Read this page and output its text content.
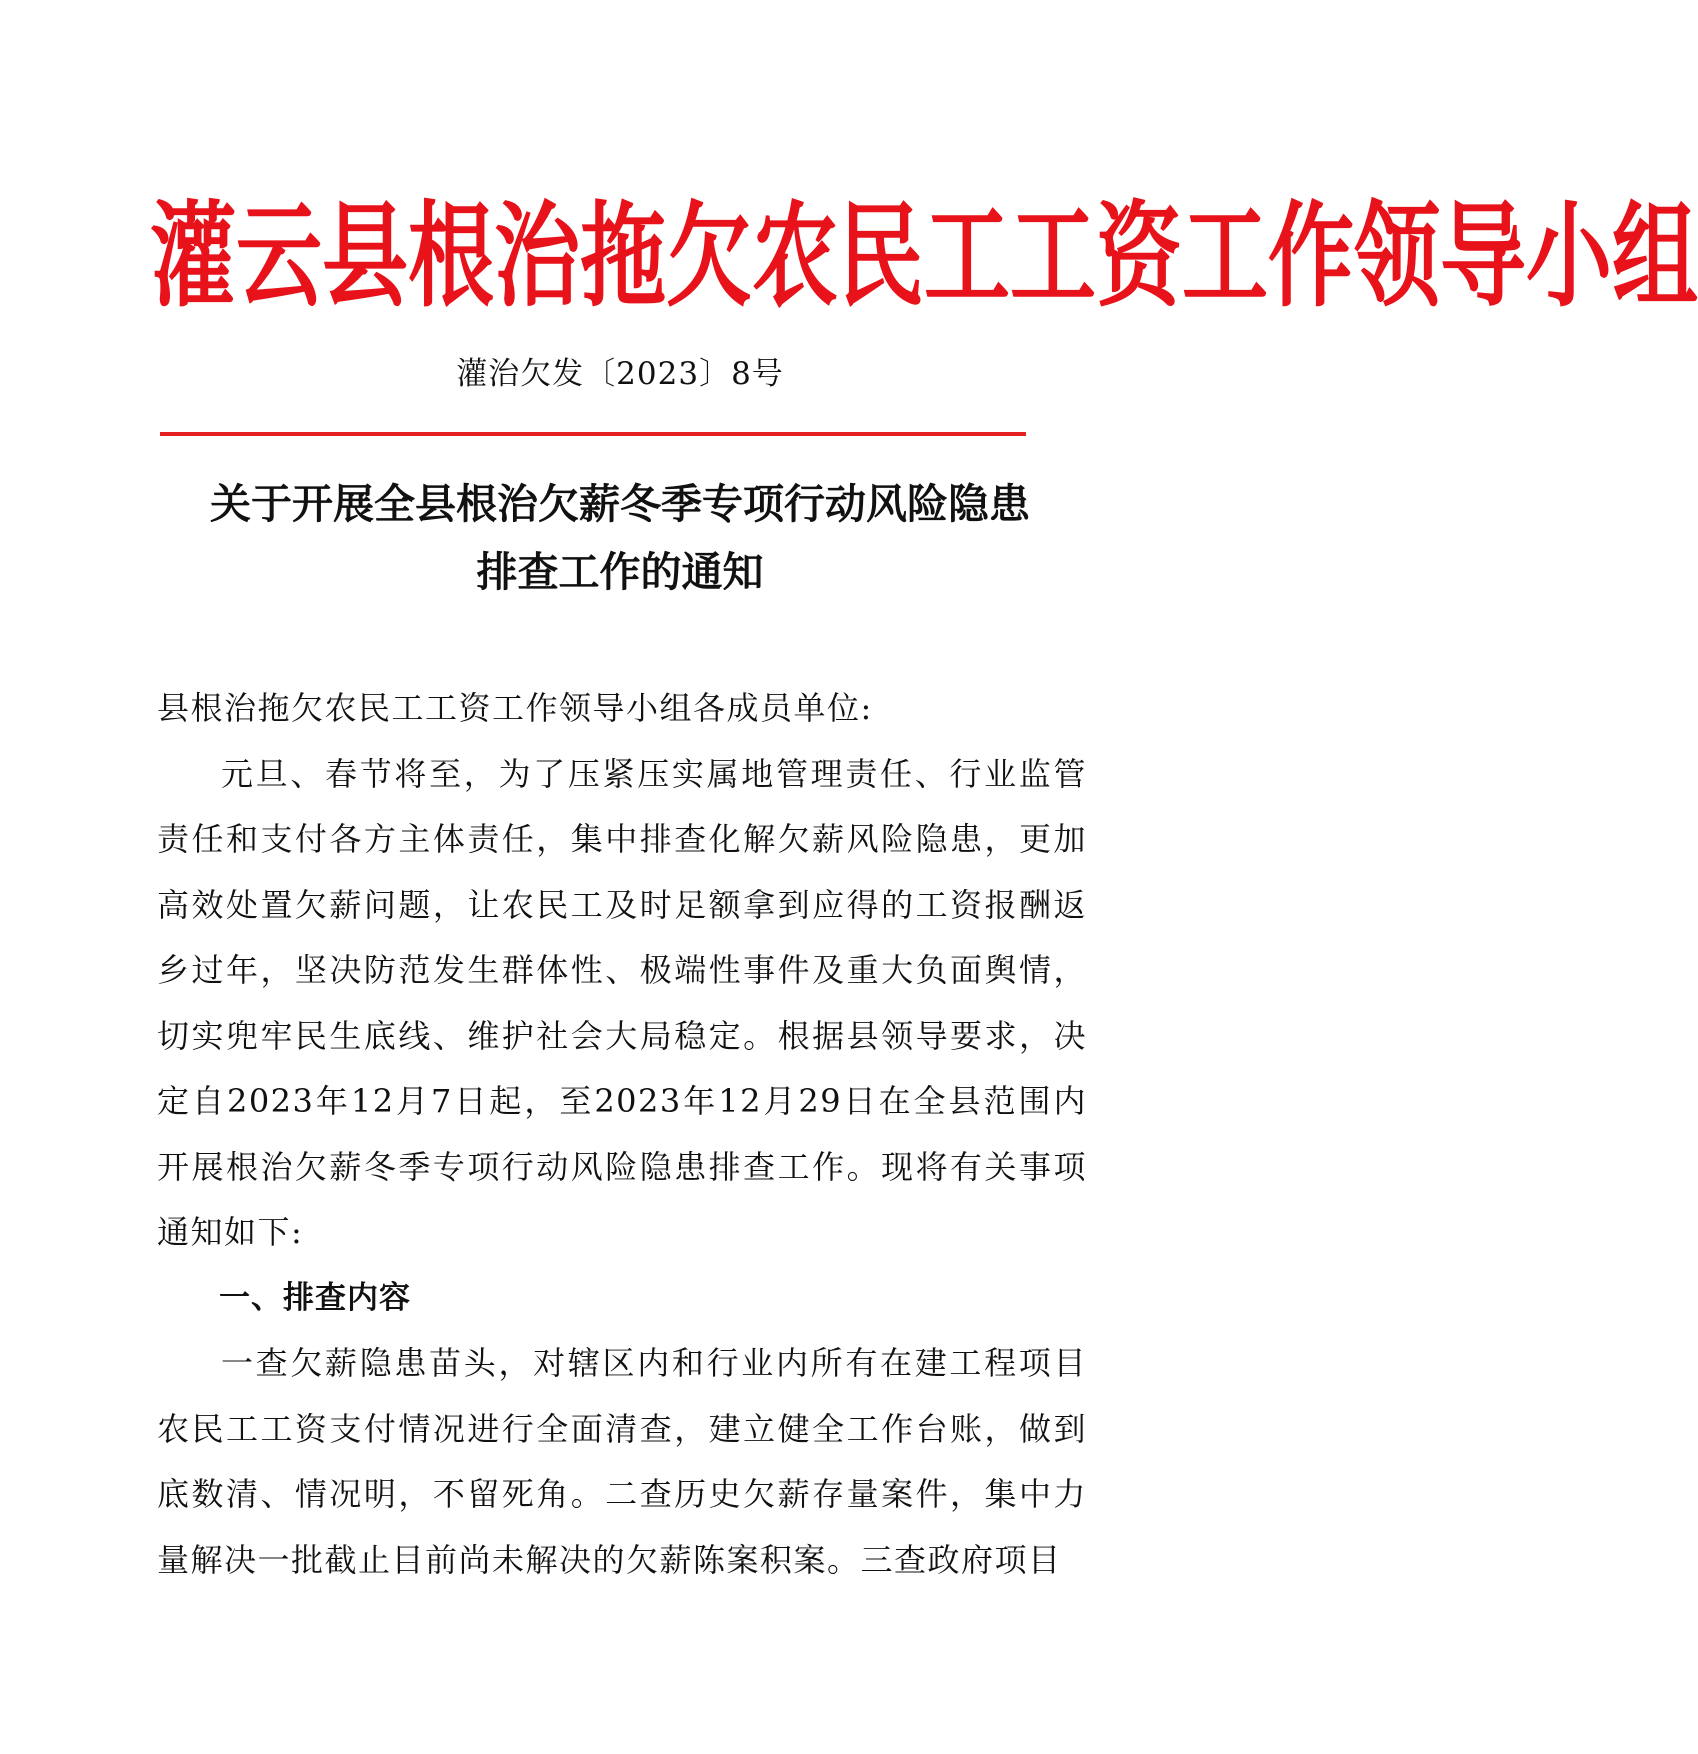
灌 云 县 根 治 拖 欠 农 民 工 工 资 工 作 领 导 小 组
灌治欠发〔2023〕8号
关于开展全县根治欠薪冬季专项行动风险隐患
排查工作的通知

县根治拖欠农民工工资工作领导小组各成员单位:

元旦、春节将至，为了压紧压实属地管理责任、行业监管责任和支付各方主体责任，集中排查化解欠薪风险隐患，更加高效处置欠薪问题，让农民工及时足额拿到应得的工资报酬返乡过年，坚决防范发生群体性、极端性事件及重大负面舆情，切实兜牢民生底线、维护社会大局稳定。根据县领导要求，决定自2023年12月7日起，至2023年12月29日在全县范围内开展根治欠薪冬季专项行动风险隐患排查工作。现将有关事项通知如下:

一、排查内容

一查欠薪隐患苗头，对辖区内和行业内所有在建工程项目农民工工资支付情况进行全面清查，建立健全工作台账，做到底数清、情况明，不留死角。二查历史欠薪存量案件，集中力量解决一批截止目前尚未解决的欠薪陈案积案。三查政府项目
